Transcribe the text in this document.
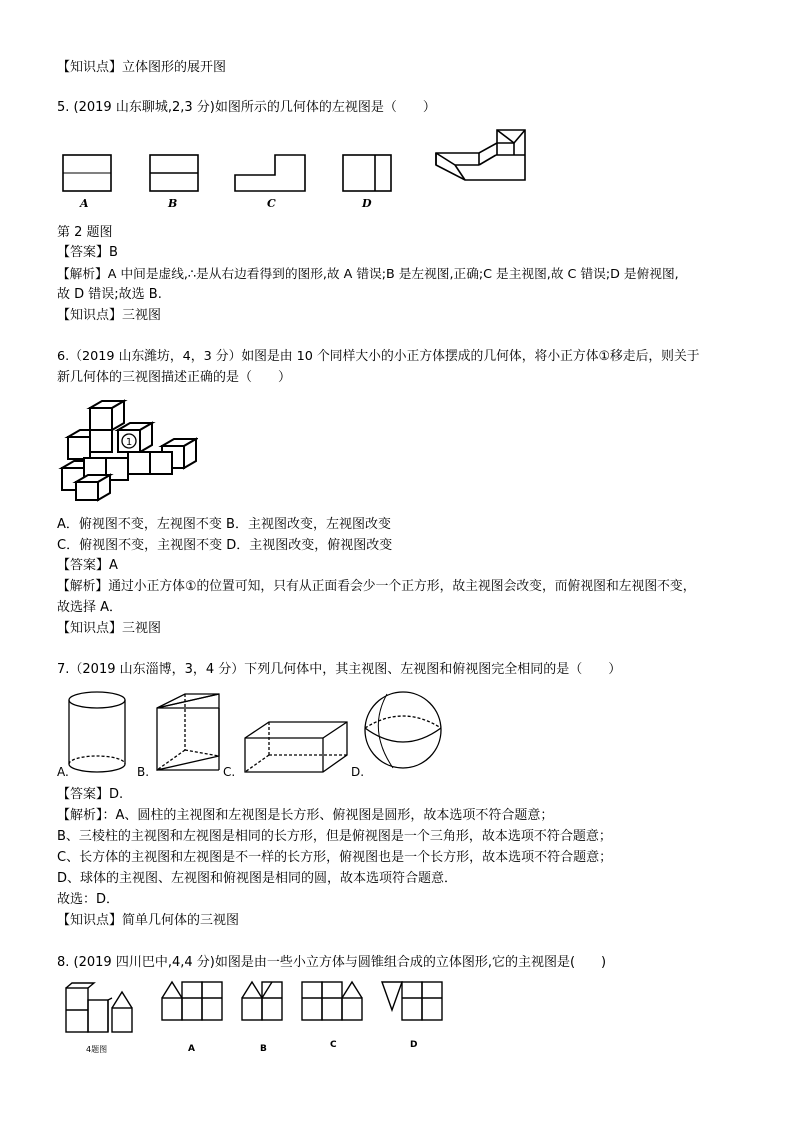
【知识点】立体图形的展开图
5. (2019 山东聊城,2,3 分)如图所示的几何体的左视图是（　　）
A	B	C	D
第 2 题图
【答案】B
【解析】A 中间是虚线,∴是从右边看得到的图形,故 A 错误;B 是左视图,正确;C 是主视图,故 C 错误;D 是俯视图,
故 D 错误;故选 B.
【知识点】三视图
6.（2019 山东潍坊，4，3 分）如图是由 10 个同样大小的小正方体摆成的几何体，将小正方体①移走后，则关于
新几何体的三视图描述正确的是（　　）
1
A．俯视图不变，左视图不变 B．主视图改变，左视图改变
C．俯视图不变，主视图不变 D．主视图改变，俯视图改变
【答案】A
【解析】通过小正方体①的位置可知，只有从正面看会少一个正方形，故主视图会改变，而俯视图和左视图不变，
故选择 A．
【知识点】三视图
7.（2019 山东淄博，3，4 分）下列几何体中，其主视图、左视图和俯视图完全相同的是（　　）
A.	B.	C.	D.
【答案】D.
【解析】：A、圆柱的主视图和左视图是长方形、俯视图是圆形，故本选项不符合题意；
B、三棱柱的主视图和左视图是相同的长方形，但是俯视图是一个三角形，故本选项不符合题意；
C、长方体的主视图和左视图是不一样的长方形，俯视图也是一个长方形，故本选项不符合题意；
D、球体的主视图、左视图和俯视图是相同的圆，故本选项符合题意．
故选：D．
【知识点】简单几何体的三视图
8. (2019 四川巴中,4,4 分)如图是由一些小立方体与圆锥组合成的立体图形,它的主视图是(　　)
4题图	A	B	C	D
